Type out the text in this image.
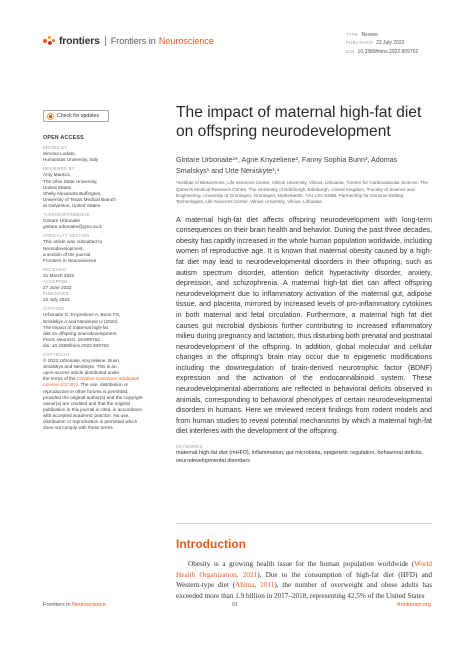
frontiers Frontiers in Neuroscience
TYPE Review
PUBLISHED 22 July 2022
DOI 10.3389/fnins.2022.909762
Check for updates
OPEN ACCESS
EDITED BY
Simona Lodato,
Humanitas University, Italy
REVIEWED BY
Amy Mackos,
The Ohio State University,
United States
Shelly Alexandra Buffington,
University of Texas Medical Branch
at Galveston, United States
*CORRESPONDENCE
Gintare Urbonaite
gintare.urbonaite@gmc.vu.lt
SPECIALTY SECTION
This article was submitted to
Neurodevelopment,
a section of the journal
Frontiers in Neuroscience
RECEIVED
31 March 2022
ACCEPTED
27 June 2022
PUBLISHED
22 July 2022
CITATION
Urbonaite G, Knyzeliene A, Bunn FS,
Smalskys A and Neniskyte U (2022)
The impact of maternal high-fat
diet on offspring neurodevelopment.
Front. Neurosci. 16:909762.
doi: 10.3389/fnins.2022.909762
COPYRIGHT
© 2022 Urbonaite, Knyzeliene, Bunn,
Smalskys and Neniskyte. This is an
open-access article distributed under
the terms of the Creative Commons Attribution License (CC BY). The use, distribution or reproduction in other forums is permitted, provided the original author(s) and the copyright owner(s) are credited and that the original publication in this journal is cited, in accordance with accepted academic practice. No use, distribution or reproduction is permitted which does not comply with these terms.
The impact of maternal high-fat diet on offspring neurodevelopment
Gintare Urbonaite¹*, Agne Knyzeliene², Fanny Sophia Bunn³, Adomas Smalskys¹ and Urte Neniskyte¹,⁴
¹Institute of Biosciences, Life Sciences Center, Vilnius University, Vilnius, Lithuania, ²Centre for Cardiovascular Science, The Queen's Medical Research Centre, The University of Edinburgh, Edinburgh, United Kingdom, ³Faculty of Science and Engineering, University of Groningen, Groningen, Netherlands, ⁴VU LSC-EMBL Partnership for Genome Editing Technologies, Life Sciences Center, Vilnius University, Vilnius, Lithuania

A maternal high-fat diet affects offspring neurodevelopment with long-term consequences on their brain health and behavior. During the past three decades, obesity has rapidly increased in the whole human population worldwide, including women of reproductive age. It is known that maternal obesity caused by a high-fat diet may lead to neurodevelopmental disorders in their offspring, such as autism spectrum disorder, attention deficit hyperactivity disorder, anxiety, depression, and schizophrenia. A maternal high-fat diet can affect offspring neurodevelopment due to inflammatory activation of the maternal gut, adipose tissue, and placenta, mirrored by increased levels of pro-inflammatory cytokines in both maternal and fetal circulation. Furthermore, a maternal high fat diet causes gut microbial dysbiosis further contributing to increased inflammatory milieu during pregnancy and lactation, thus disturbing both prenatal and postnatal neurodevelopment of the offspring. In addition, global molecular and cellular changes in the offspring's brain may occur due to epigenetic modifications including the downregulation of brain-derived neurotrophic factor (BDNF) expression and the activation of the endocannabinoid system. These neurodevelopmental aberrations are reflected in behavioral deficits observed in animals, corresponding to behavioral phenotypes of certain neurodevelopmental disorders in humans. Here we reviewed recent findings from rodent models and from human studies to reveal potential mechanisms by which a maternal high-fat diet interferes with the development of the offspring.

KEYWORDS
maternal high-fat diet (mHFD), inflammation, gut microbiota, epigenetic regulation, behavioral deficits, neurodevelopmental disorders
Introduction

Obesity is a growing health issue for the human population worldwide (World Health Organization, 2021). Due to the consumption of high-fat diet (HFD) and Western-type diet (Ahima, 2011), the number of overweight and obese adults has exceeded more than 1.9 billion in 2017–2018, representing 42.5% of the United States

Frontiers in Neuroscience	01	frontiersin.org
